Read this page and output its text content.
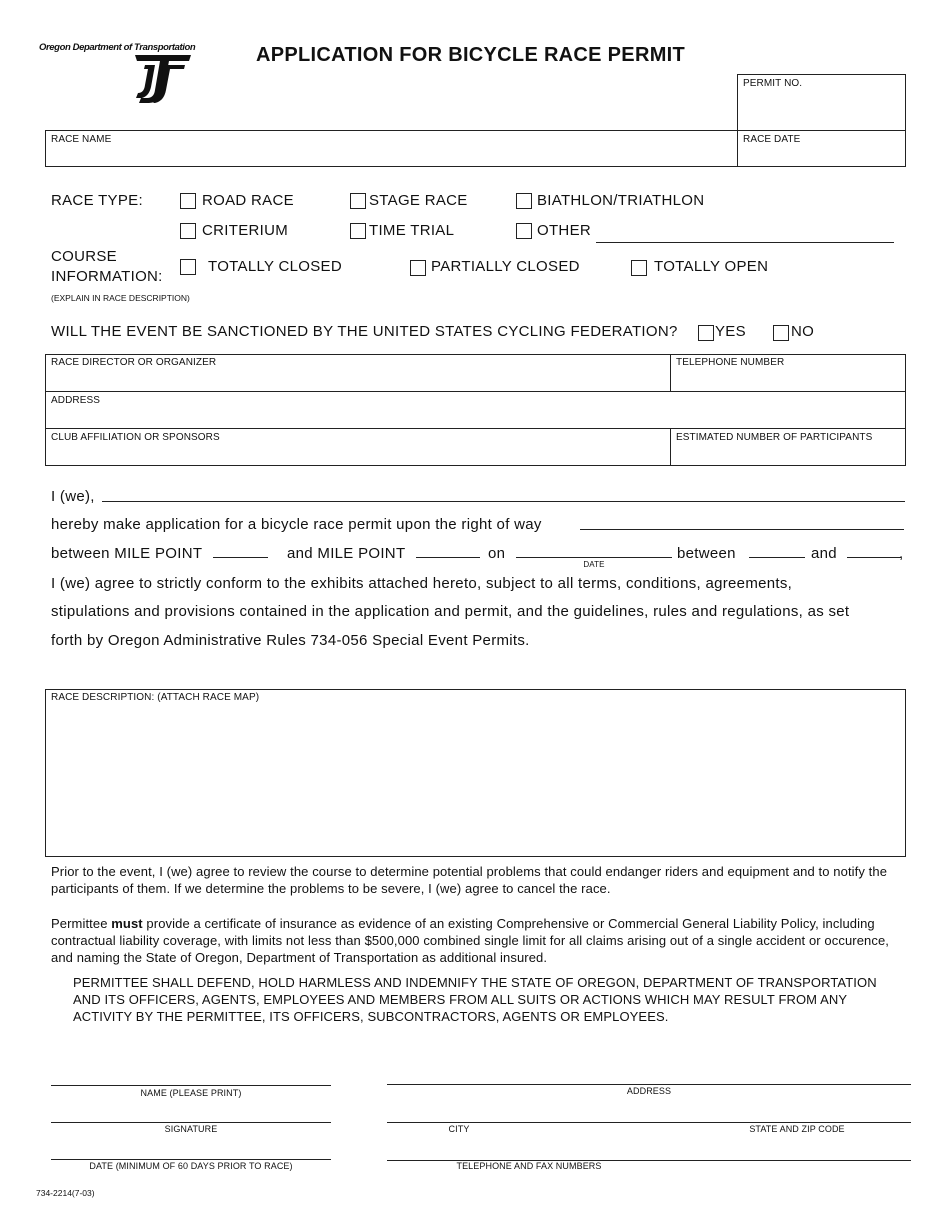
Oregon Department of Transportation	APPLICATION FOR BICYCLE RACE PERMIT
PERMIT NO.
RACE NAME	RACE DATE
RACE TYPE:	ROAD RACE	STAGE RACE	BIATHLON/TRIATHLON
CRITERIUM	TIME TRIAL	OTHER
COURSE
INFORMATION:
(EXPLAIN IN RACE DESCRIPTION)
TOTALLY CLOSED	PARTIALLY CLOSED	TOTALLY OPEN
WILL THE EVENT BE SANCTIONED BY THE UNITED STATES CYCLING FEDERATION? YES	NO
RACE DIRECTOR OR ORGANIZER	TELEPHONE NUMBER
ADDRESS
CLUB AFFILIATION OR SPONSORS	ESTIMATED NUMBER OF PARTICIPANTS
I (we),
hereby make application for a bicycle race permit upon the right of way
between MILE POINT	and MILE POINT	on
DATE
between	and	,
I (we) agree to strictly conform to the exhibits attached hereto, subject to all terms, conditions, agreements,
stipulations and provisions contained in the application and permit, and the guidelines, rules and regulations, as set
forth by Oregon Administrative Rules 734-056 Special Event Permits.
RACE DESCRIPTION: (ATTACH RACE MAP)
Prior to the event, I (we) agree to review the course to determine potential problems that could endanger riders and equipment and to notify the participants of them. If we determine the problems to be severe, I (we) agree to cancel the race.
Permittee must provide a certificate of insurance as evidence of an existing Comprehensive or Commercial General Liability Policy, including contractual liability coverage, with limits not less than $500,000 combined single limit for all claims arising out of a single accident or occurence, and naming the State of Oregon, Department of Transportation as additional insured.
PERMITTEE SHALL DEFEND, HOLD HARMLESS AND INDEMNIFY THE STATE OF OREGON, DEPARTMENT OF TRANSPORTATION AND ITS OFFICERS, AGENTS, EMPLOYEES AND MEMBERS FROM ALL SUITS OR ACTIONS WHICH MAY RESULT FROM ANY ACTIVITY BY THE PERMITTEE, ITS OFFICERS, SUBCONTRACTORS, AGENTS OR EMPLOYEES.
NAME (PLEASE PRINT)
SIGNATURE
DATE (MINIMUM OF 60 DAYS PRIOR TO RACE)
ADDRESS
CITY	STATE AND ZIP CODE
TELEPHONE AND FAX NUMBERS
734-2214(7-03)
